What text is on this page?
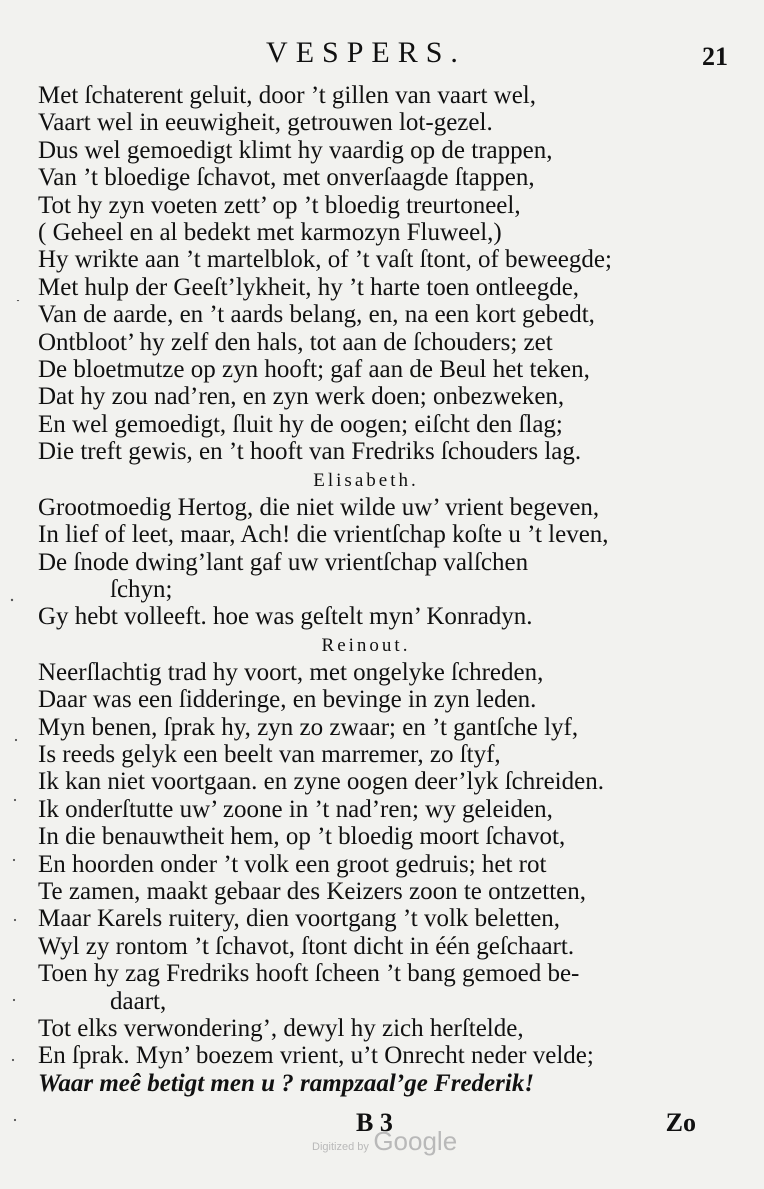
VESPERS.	21
Met ſchaterent geluit, door ’t gillen van vaart wel,
Vaart wel in eeuwigheit, getrouwen lot-gezel.
Dus wel gemoedigt klimt hy vaardig op de trappen,
Van ’t bloedige ſchavot, met onverſaagde ſtappen,
Tot hy zyn voeten zett’ op ’t bloedig treurtoneel,
( Geheel en al bedekt met karmozyn Fluweel,)
Hy wrikte aan ’t martelblok, of ’t vaſt ſtont, of beweegde;
Met hulp der Geeſt’lykheit, hy ’t harte toen ontleegde,
Van de aarde, en ’t aards belang, en, na een kort gebedt,
Ontbloot’ hy zelf den hals, tot aan de ſchouders; zet
De bloetmutze op zyn hooft; gaf aan de Beul het teken,
Dat hy zou nad’ren, en zyn werk doen; onbezweken,
En wel gemoedigt, ſluit hy de oogen; eiſcht den ſlag;
Die treft gewis, en ’t hooft van Fredriks ſchouders lag.
Elisabeth.
Grootmoedig Hertog, die niet wilde uw’ vrient begeven,
In lief of leet, maar, Ach! die vrientſchap koſte u ’t leven,
De ſnode dwing’lant gaf uw vrientſchap valſchen
ſchyn;
Gy hebt volleeft. hoe was geſtelt myn’ Konradyn.
Reinout.
Neerſlachtig trad hy voort, met ongelyke ſchreden,
Daar was een ſidderinge, en bevinge in zyn leden.
Myn benen, ſprak hy, zyn zo zwaar; en ’t gantſche lyf,
Is reeds gelyk een beelt van marremer, zo ſtyf,
Ik kan niet voortgaan. en zyne oogen deer’lyk ſchreiden.
Ik onderſtutte uw’ zoone in ’t nad’ren; wy geleiden,
In die benauwtheit hem, op ’t bloedig moort ſchavot,
En hoorden onder ’t volk een groot gedruis; het rot
Te zamen, maakt gebaar des Keizers zoon te ontzetten,
Maar Karels ruitery, dien voortgang ’t volk beletten,
Wyl zy rontom ’t ſchavot, ſtont dicht in één geſchaart.
Toen hy zag Fredriks hooft ſcheen ’t bang gemoed be-
daart,
Tot elks verwondering’, dewyl hy zich herſtelde,
En ſprak. Myn’ boezem vrient, u’t Onrecht neder velde;
Waar meê betigt men u ? rampzaal’ge Frederik!
B 3	Zo
Digitized by Google
